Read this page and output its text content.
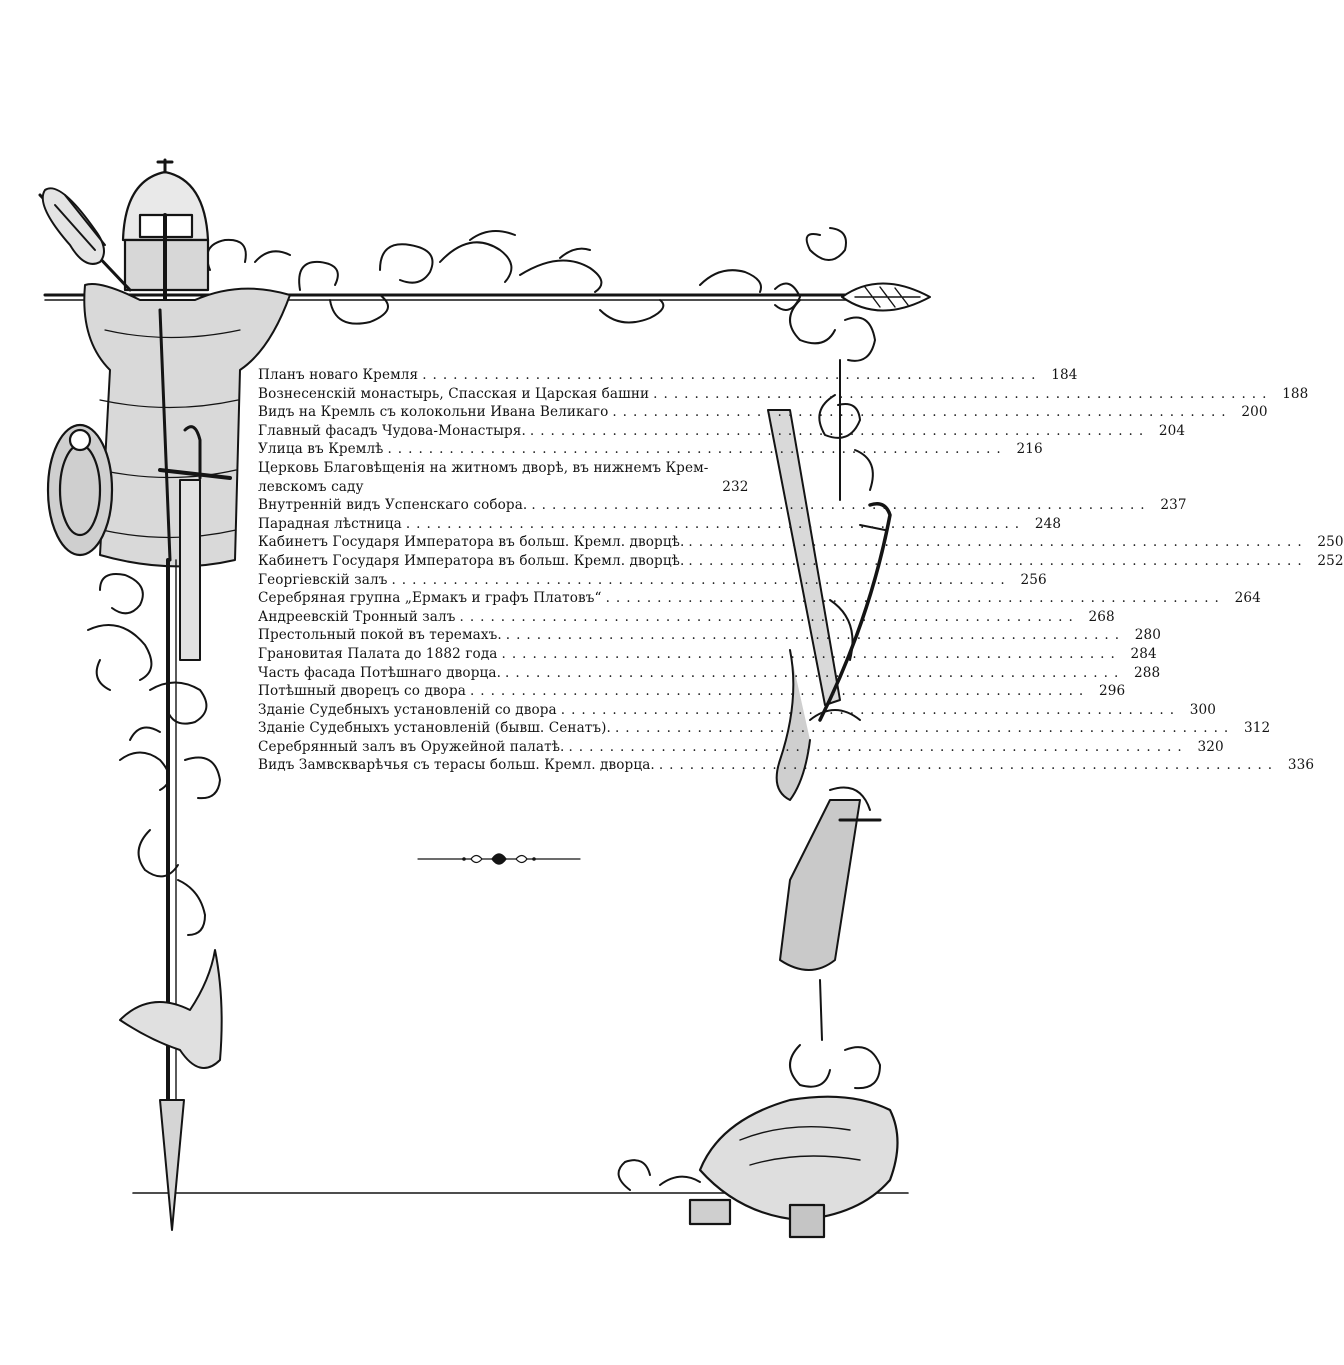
Планъ новаго Кремля ............................................................ 184
Вознесенскій монастырь, Спасская и Царская башни ............................................................ 188
Видъ на Кремль съ колокольни Ивана Великаго ............................................................ 200
Главный фасадъ Чудова-Монастыря. ............................................................ 204
Улица въ Кремлѣ ............................................................ 216
Церковь Благовѣщенія на житномъ дворѣ, въ нижнемъ Крем-
левскомъ саду	232
Внутренній видъ Успенскаго собора. ............................................................ 237
Парадная лѣстница ............................................................ 248
Кабинетъ Государя Императора въ больш. Кремл. дворцѣ. ............................................................ 250
Кабинетъ Государя Императора въ больш. Кремл. дворцѣ. ............................................................ 252
Георгіевскій залъ ............................................................ 256
Серебряная групна „Ермакъ и графъ Платовъ“ ............................................................ 264
Андреевскій Тронный залъ ............................................................ 268
Престольный покой въ теремахъ. ............................................................ 280
Грановитая Палата до 1882 года ............................................................ 284
Часть фасада Потѣшнаго дворца. ............................................................ 288
Потѣшный дворецъ со двора ............................................................ 296
Зданіе Судебныхъ установленій со двора ............................................................ 300
Зданіе Судебныхъ установленій (бывш. Сенатъ). ............................................................ 312
Серебрянный залъ въ Оружейной палатѣ. ............................................................ 320
Видъ Замвскварѣчья съ терасы больш. Кремл. дворца. ............................................................ 336
